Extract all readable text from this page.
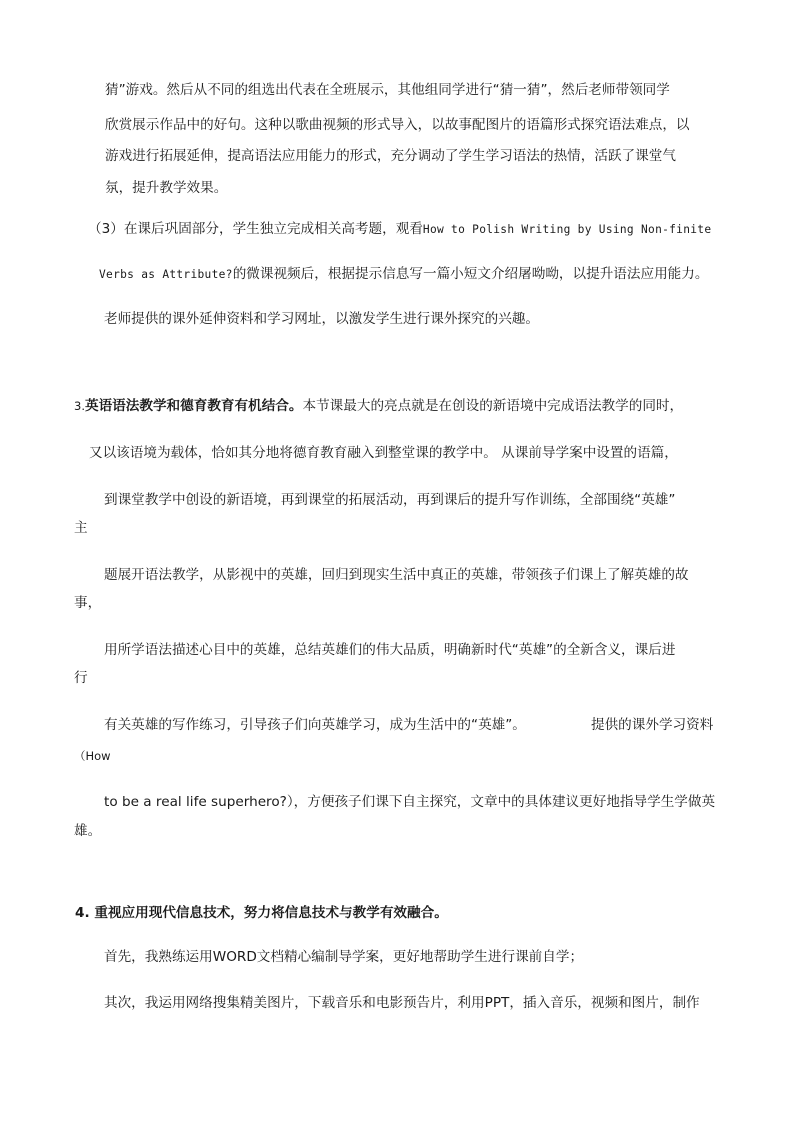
猜”游戏。然后从不同的组选出代表在全班展示，其他组同学进行“猜一猜”，然后老师带领同学
欣赏展示作品中的好句。这种以歌曲视频的形式导入，以故事配图片的语篇形式探究语法难点，以
游戏进行拓展延伸，提高语法应用能力的形式，充分调动了学生学习语法的热情，活跃了课堂气
氛，提升教学效果。
（3）在课后巩固部分，学生独立完成相关高考题，观看How to Polish Writing by Using Non-finite
Verbs as Attribute?的微课视频后，根据提示信息写一篇小短文介绍屠呦呦，以提升语法应用能力。
老师提供的课外延伸资料和学习网址，以激发学生进行课外探究的兴趣。
3.英语语法教学和德育教育有机结合。本节课最大的亮点就是在创设的新语境中完成语法教学的同时，
又以该语境为载体，恰如其分地将德育教育融入到整堂课的教学中。 从课前导学案中设置的语篇，
到课堂教学中创设的新语境，再到课堂的拓展活动，再到课后的提升写作训练，全部围绕“英雄”
主
题展开语法教学，从影视中的英雄，回归到现实生活中真正的英雄，带领孩子们课上了解英雄的故
事，
用所学语法描述心目中的英雄，总结英雄们的伟大品质，明确新时代“英雄”的全新含义，课后进
行
有关英雄的写作练习，引导孩子们向英雄学习，成为生活中的“英雄”。	提供的课外学习资料
（How
to be a real life superhero?），方便孩子们课下自主探究，文章中的具体建议更好地指导学生学做英
雄。
4. 重视应用现代信息技术，努力将信息技术与教学有效融合。
首先，我熟练运用WORD文档精心编制导学案，更好地帮助学生进行课前自学；
其次，我运用网络搜集精美图片，下载音乐和电影预告片，利用PPT，插入音乐，视频和图片，制作
